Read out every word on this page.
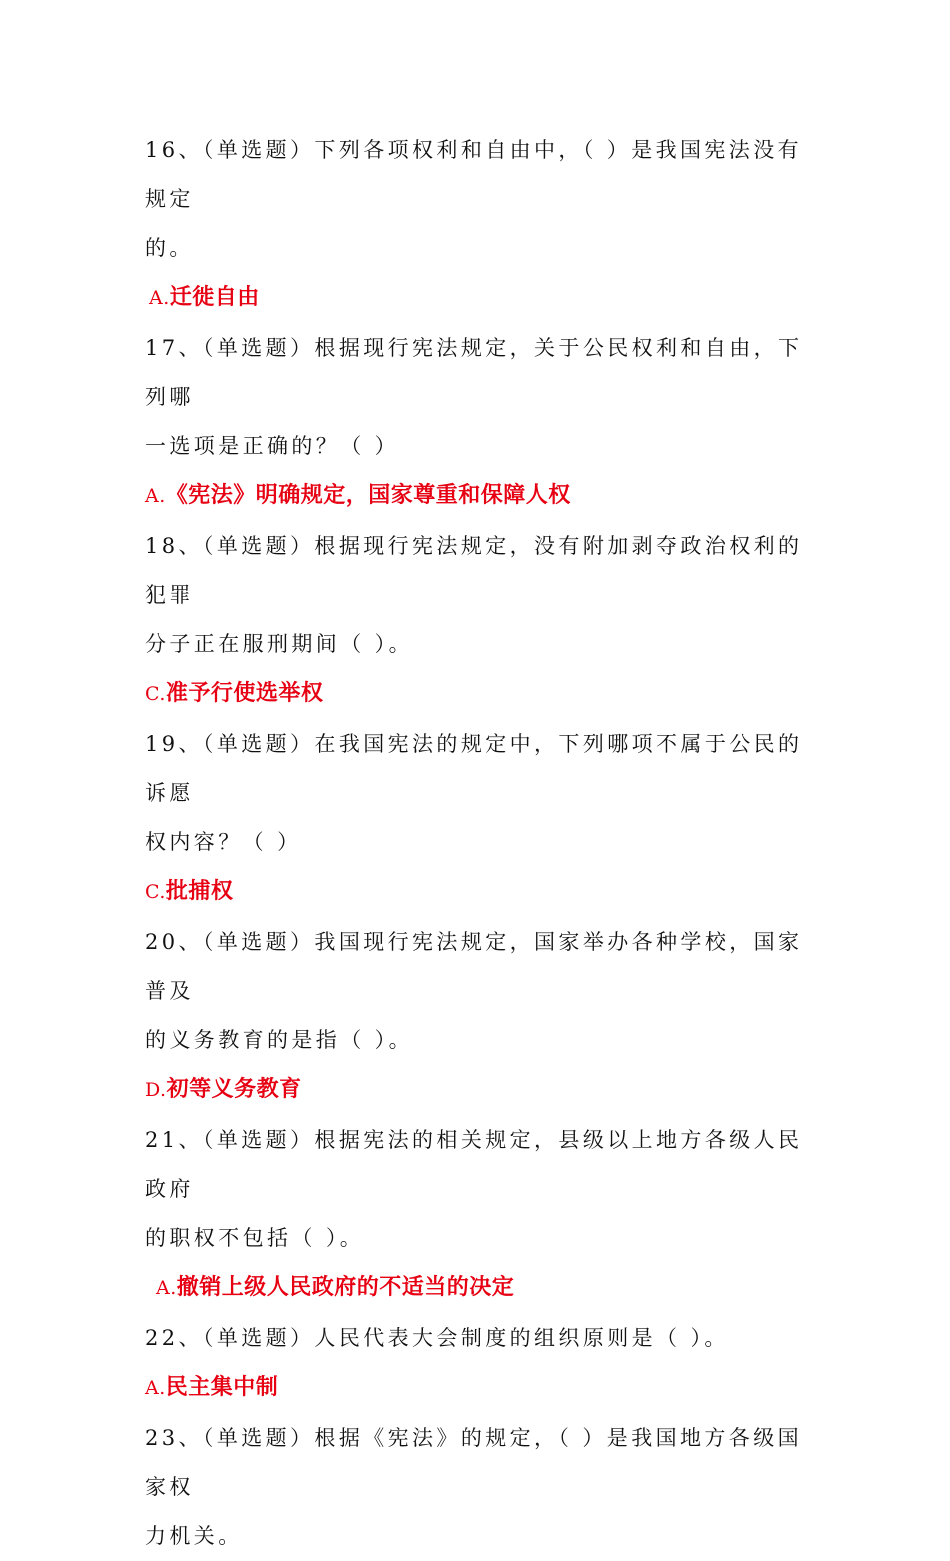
16、（单选题）下列各项权利和自由中，（ ）是我国宪法没有规定

的。

A.迁徙自由

17、（单选题）根据现行宪法规定，关于公民权利和自由，下列哪

一选项是正确的？（ ）

A.《宪法》明确规定，国家尊重和保障人权

18、（单选题）根据现行宪法规定，没有附加剥夺政治权利的犯罪

分子正在服刑期间（ ）。

C.准予行使选举权

19、（单选题）在我国宪法的规定中，下列哪项不属于公民的诉愿

权内容？（ ）

C.批捕权

20、（单选题）我国现行宪法规定，国家举办各种学校，国家普及

的义务教育的是指（ ）。

D.初等义务教育

21、（单选题）根据宪法的相关规定，县级以上地方各级人民政府

的职权不包括（ ）。

A.撤销上级人民政府的不适当的决定

22、（单选题）人民代表大会制度的组织原则是（ ）。

A.民主集中制

23、（单选题）根据《宪法》的规定，（ ）是我国地方各级国家权

力机关。
